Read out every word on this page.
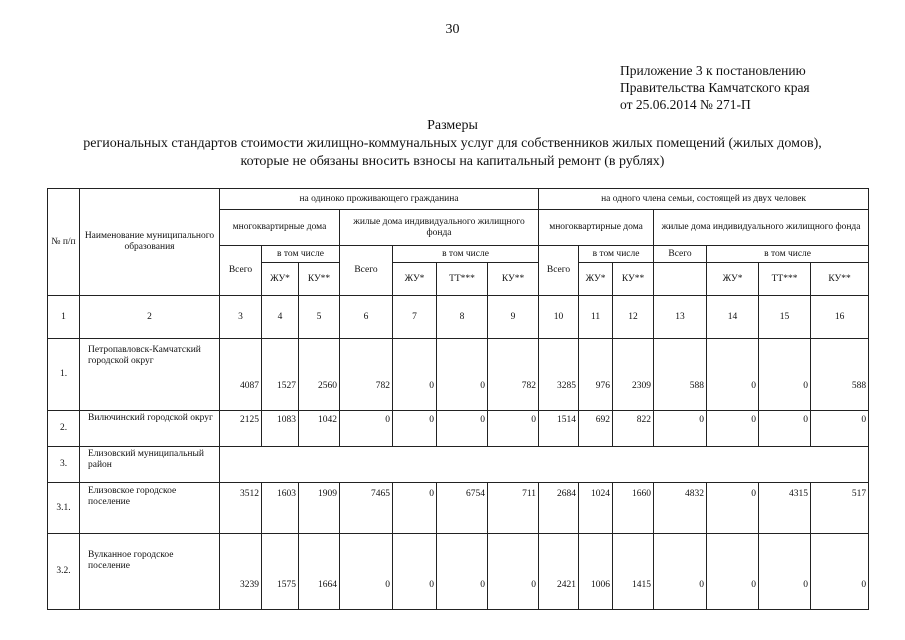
30
Приложение 3 к постановлению
Правительства Камчатского края
от 25.06.2014 № 271-П
Размеры
региональных стандартов стоимости жилищно-коммунальных услуг для собственников жилых помещений (жилых домов),
которые не обязаны вносить взносы на капитальный ремонт (в рублях)
№ п/п	Наименование муниципального образования	на одиноко проживающего гражданина							на одного члена семьи, состоящей из двух человек						
		многоквартирные дома			жилые дома индивидуального жилищного фонда				многоквартирные дома			жилые дома индивидуального жилищного фонда			
		Всего	в том числе		Всего	в том числе			Всего	в том числе		Всего	в том числе		
			ЖУ*	КУ**		ЖУ*	ТТ***	КУ**		ЖУ*	КУ**		ЖУ*	ТТ***	КУ**
1	2	3	4	5	6	7	8	9	10	11	12	13	14	15	16
1.	Петропавловск-Камчатский городской округ	4087	1527	2560	782	0	0	782	3285	976	2309	588	0	0	588
2.	Вилючинский городской округ	2125	1083	1042	0	0	0	0	1514	692	822	0	0	0	0
3.	Елизовский муниципальный район														
3.1.	Елизовское городское поселение	3512	1603	1909	7465	0	6754	711	2684	1024	1660	4832	0	4315	517
3.2.	Вулканное городское поселение	3239	1575	1664	0	0	0	0	2421	1006	1415	0	0	0	0
